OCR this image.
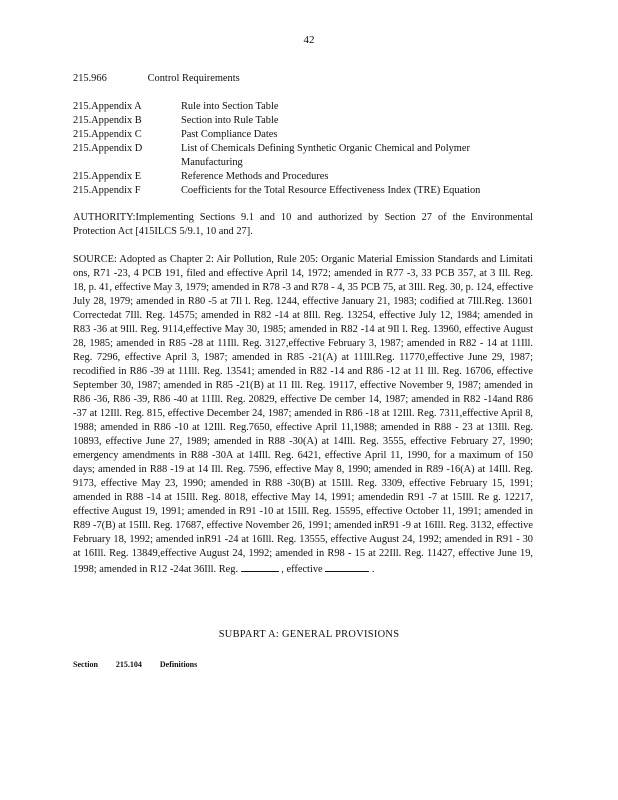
42
215.966	Control Requirements
215.Appendix A	Rule into Section Table
215.Appendix B	Section into Rule Table
215.Appendix C	Past Compliance Dates
215.Appendix D	List of Chemicals Defining Synthetic Organic Chemical and Polymer Manufacturing
215.Appendix E	Reference Methods and Procedures
215.Appendix F	Coefficients for the Total Resource Effectiveness Index (TRE) Equation
AUTHORITY:Implementing Sections 9.1 and 10 and authorized by Section 27 of the Environmental Protection Act [415ILCS 5/9.1, 10 and 27].
SOURCE: Adopted as Chapter 2: Air Pollution, Rule 205: Organic Material Emission Standards and Limitati ons, R71 -23, 4 PCB 191, filed and effective April 14, 1972; amended in R77 -3, 33 PCB 357, at 3 Ill. Reg. 18, p. 41, effective May 3, 1979; amended in R78 -3 and R78 - 4, 35 PCB 75, at 3Ill. Reg. 30, p. 124, effective July 28, 1979; amended in R80 -5 at 7Il l. Reg. 1244, effective January 21, 1983; codified at 7Ill.Reg. 13601 Correctedat 7Ill. Reg. 14575; amended in R82 -14 at 8Ill. Reg. 13254, effective July 12, 1984; amended in R83 -36 at 9Ill. Reg. 9114,effective May 30, 1985; amended in R82 -14 at 9Il l. Reg. 13960, effective August 28, 1985; amended in R85 -28 at 11Ill. Reg. 3127,effective February 3, 1987; amended in R82 - 14 at 11Ill. Reg. 7296, effective April 3, 1987; amended in R85 -21(A) at 11Ill.Reg. 11770,effective June 29, 1987; recodified in R86 -39 at 11Ill. Reg. 13541; amended in R82 -14 and R86 -12 at 11 Ill. Reg. 16706, effective September 30, 1987; amended in R85 -21(B) at 11 Ill. Reg. 19117, effective November 9, 1987; amended in R86 -36, R86 -39, R86 -40 at 11Ill. Reg. 20829, effective De cember 14, 1987; amended in R82 -14and R86 -37 at 12Ill. Reg. 815, effective December 24, 1987; amended in R86 -18 at 12Ill. Reg. 7311,effective April 8, 1988; amended in R86 -10 at 12Ill. Reg.7650, effective April 11,1988; amended in R88 - 23 at 13Ill. Reg. 10893, effective June 27, 1989; amended in R88 -30(A) at 14Ill. Reg. 3555, effective February 27, 1990; emergency amendments in R88 -30A at 14Ill. Reg. 6421, effective April 11, 1990, for a maximum of 150 days; amended in R88 -19 at 14 Ill. Reg. 7596, effective May 8, 1990; amended in R89 -16(A) at 14Ill. Reg. 9173, effective May 23, 1990; amended in R88 -30(B) at 15Ill. Reg. 3309, effective February 15, 1991; amended in R88 -14 at 15Ill. Reg. 8018, effective May 14, 1991; amendedin R91 -7 at 15Ill. Re g. 12217, effective August 19, 1991; amended in R91 -10 at 15Ill. Reg. 15595, effective October 11, 1991; amended in R89 -7(B) at 15Ill. Reg. 17687, effective November 26, 1991; amended inR91 -9 at 16Ill. Reg. 3132, effective February 18, 1992; amended inR91 -24 at 16Ill. Reg. 13555, effective August 24, 1992; amended in R91 - 30 at 16Ill. Reg. 13849,effective August 24, 1992; amended in R98 - 15 at 22Ill. Reg. 11427, effective June 19, 1998; amended in R12 -24at 36Ill. Reg.	, effective	.
SUBPART A: GENERAL PROVISIONS
Section 215.104 Definitions
